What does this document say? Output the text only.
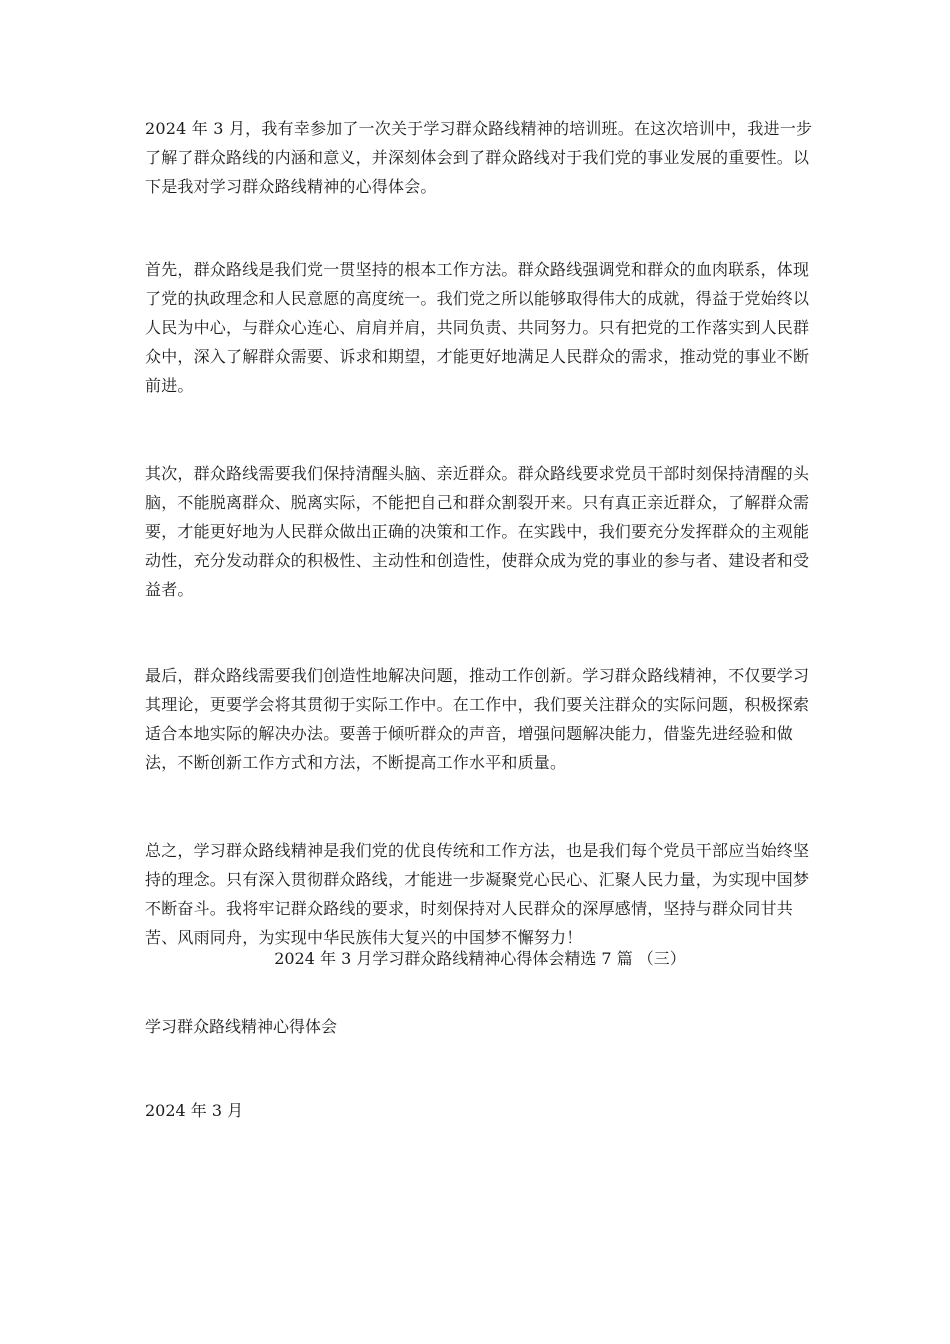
2024 年 3 月，我有幸参加了一次关于学习群众路线精神的培训班。在这次培训中，我进一步了解了群众路线的内涵和意义，并深刻体会到了群众路线对于我们党的事业发展的重要性。以下是我对学习群众路线精神的心得体会。

首先，群众路线是我们党一贯坚持的根本工作方法。群众路线强调党和群众的血肉联系，体现了党的执政理念和人民意愿的高度统一。我们党之所以能够取得伟大的成就，得益于党始终以人民为中心，与群众心连心、肩肩并肩，共同负责、共同努力。只有把党的工作落实到人民群众中，深入了解群众需要、诉求和期望，才能更好地满足人民群众的需求，推动党的事业不断前进。

其次，群众路线需要我们保持清醒头脑、亲近群众。群众路线要求党员干部时刻保持清醒的头脑，不能脱离群众、脱离实际，不能把自己和群众割裂开来。只有真正亲近群众，了解群众需要，才能更好地为人民群众做出正确的决策和工作。在实践中，我们要充分发挥群众的主观能动性，充分发动群众的积极性、主动性和创造性，使群众成为党的事业的参与者、建设者和受益者。

最后，群众路线需要我们创造性地解决问题，推动工作创新。学习群众路线精神，不仅要学习其理论，更要学会将其贯彻于实际工作中。在工作中，我们要关注群众的实际问题，积极探索适合本地实际的解决办法。要善于倾听群众的声音，增强问题解决能力，借鉴先进经验和做法，不断创新工作方式和方法，不断提高工作水平和质量。

总之，学习群众路线精神是我们党的优良传统和工作方法，也是我们每个党员干部应当始终坚持的理念。只有深入贯彻群众路线，才能进一步凝聚党心民心、汇聚人民力量，为实现中国梦不断奋斗。我将牢记群众路线的要求，时刻保持对人民群众的深厚感情，坚持与群众同甘共苦、风雨同舟，为实现中华民族伟大复兴的中国梦不懈努力！

2024 年 3 月学习群众路线精神心得体会精选 7 篇 （三）

学习群众路线精神心得体会

2024 年 3 月
